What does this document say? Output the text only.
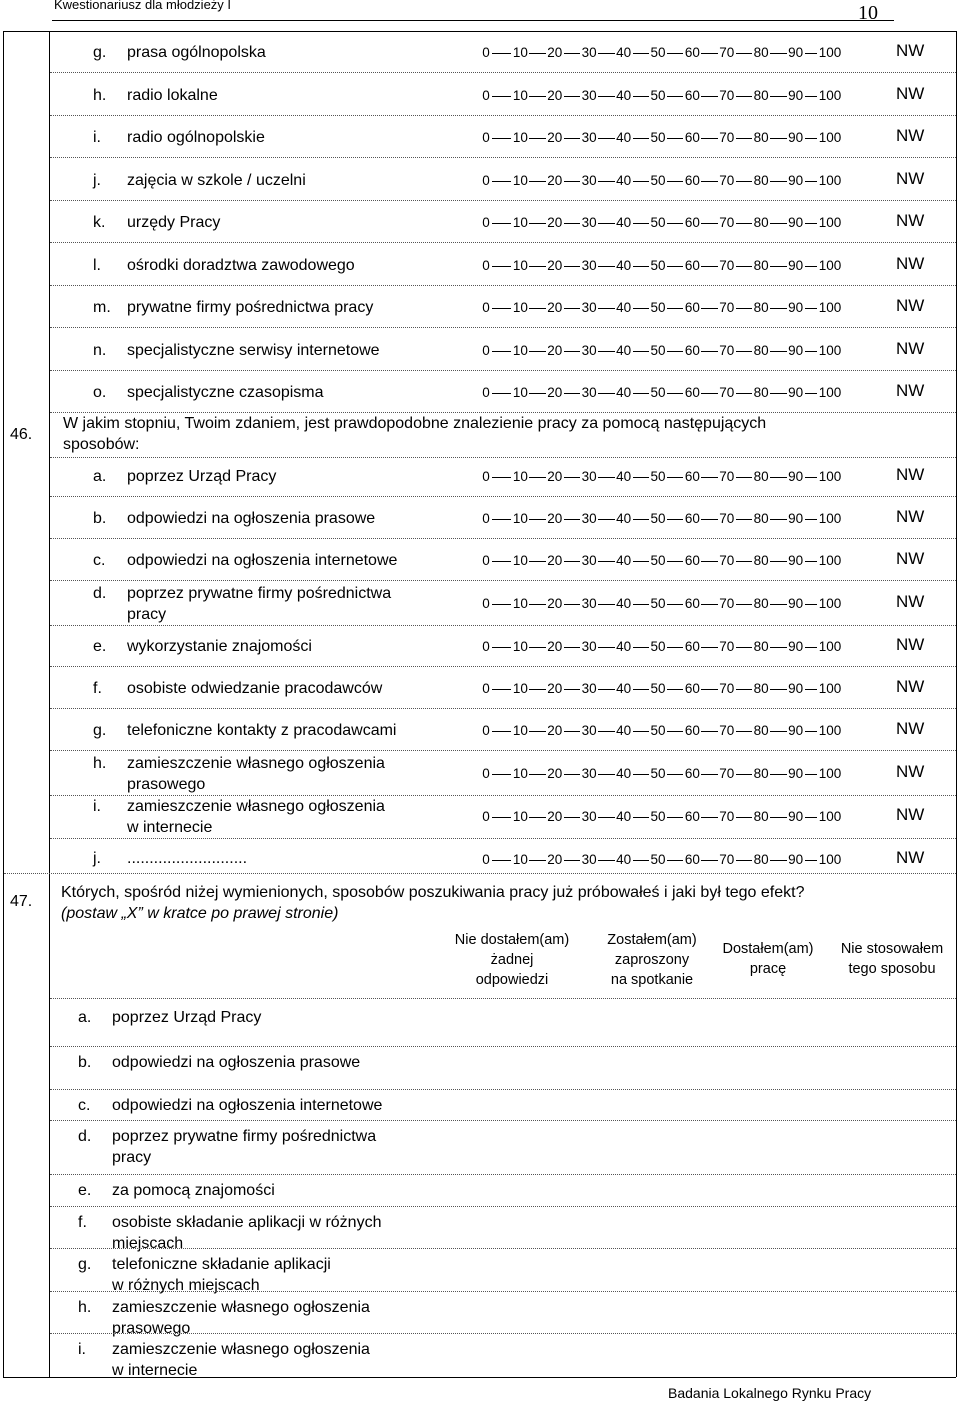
Kwestionariusz dla młodzieży I	10
g. prasa ogólnopolska	0 10 20 30 40 50 60 70 80 90 100	NW
h. radio lokalne	0 10 20 30 40 50 60 70 80 90 100	NW
i. radio ogólnopolskie	0 10 20 30 40 50 60 70 80 90 100	NW
j. zajęcia w szkole / uczelni	0 10 20 30 40 50 60 70 80 90 100	NW
k. urzędy Pracy	0 10 20 30 40 50 60 70 80 90 100	NW
l. ośrodki doradztwa zawodowego	0 10 20 30 40 50 60 70 80 90 100	NW
m. prywatne firmy pośrednictwa pracy	0 10 20 30 40 50 60 70 80 90 100	NW
n. specjalistyczne serwisy internetowe	0 10 20 30 40 50 60 70 80 90 100	NW
o. specjalistyczne czasopisma	0 10 20 30 40 50 60 70 80 90 100	NW
46.
W jakim stopniu, Twoim zdaniem, jest prawdopodobne znalezienie pracy za pomocą następujących
sposobów:
a. poprzez Urząd Pracy	0 10 20 30 40 50 60 70 80 90 100	NW
b. odpowiedzi na ogłoszenia prasowe	0 10 20 30 40 50 60 70 80 90 100	NW
c. odpowiedzi na ogłoszenia internetowe	0 10 20 30 40 50 60 70 80 90 100	NW
d. poprzez prywatne firmy pośrednictwa
pracy
0 10 20 30 40 50 60 70 80 90 100	NW
e. wykorzystanie znajomości	0 10 20 30 40 50 60 70 80 90 100	NW
f. osobiste odwiedzanie pracodawców	0 10 20 30 40 50 60 70 80 90 100	NW
g. telefoniczne kontakty z pracodawcami	0 10 20 30 40 50 60 70 80 90 100	NW
h. zamieszczenie własnego ogłoszenia
prasowego
0 10 20 30 40 50 60 70 80 90 100	NW
i. zamieszczenie własnego ogłoszenia
w internecie
0 10 20 30 40 50 60 70 80 90 100	NW
j. ...........................	0 10 20 30 40 50 60 70 80 90 100	NW
47.
Których, spośród niżej wymienionych, sposobów poszukiwania pracy już próbowałeś i jaki był tego efekt?
(postaw „X” w kratce po prawej stronie)
Nie dostałem(am)
żadnej
odpowiedzi
Zostałem(am)
zaproszony
na spotkanie
Dostałem(am)
pracę
Nie stosowałem
tego sposobu
a. poprzez Urząd Pracy
b. odpowiedzi na ogłoszenia prasowe
c. odpowiedzi na ogłoszenia internetowe
d. poprzez prywatne firmy pośrednictwa
pracy
e. za pomocą znajomości
f. osobiste składanie aplikacji w różnych
miejscach
g. telefoniczne składanie aplikacji
w różnych miejscach
h. zamieszczenie własnego ogłoszenia
prasowego
i. zamieszczenie własnego ogłoszenia
w internecie
Badania Lokalnego Rynku Pracy
